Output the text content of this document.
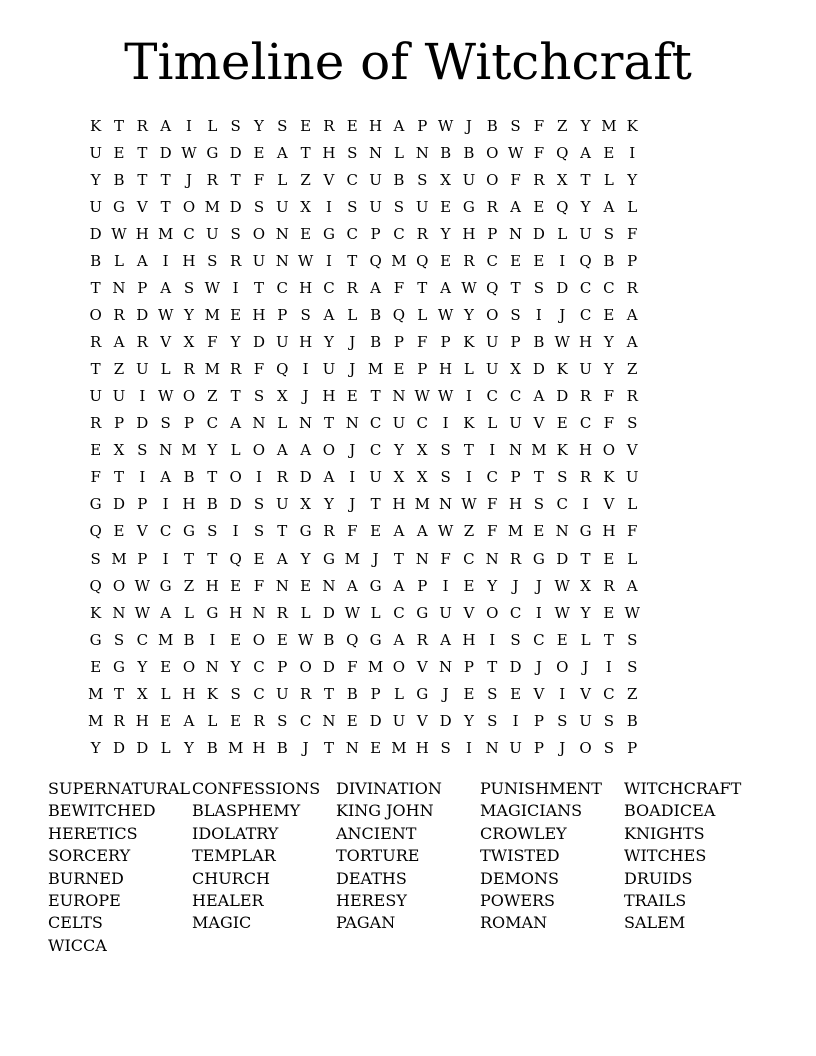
Timeline of Witchcraft
K T R A I	L S Y S E R E H A P W J B S F Z Y M K
U E T D W G D E A T H S N L N B B O W F Q A E I
Y B T T	J R T F L Z V C U B S X U O F R X T L Y
U G V T O M D S U X	I	S U S U E G R A E Q Y A L
D W H M C U S O N E G C P C R Y H P N D L U S F
B L A I H S R U N W I	T Q M Q E R C E E I Q B P
T N P A S W I	T C H C R A F T A W Q T S D C C R
O R D W Y M E H P S A L B Q L W Y O S	I	J C E A
R A R V X F Y D U H Y	J B P F P K U P B W H Y A
T Z U L R M R F Q I U J M E P H L U X D K U Y Z
U U I W O Z T S X J H E T N W W I C C A D R F R
R P D S P C A N L N T N C U C I K L U V E C F S
E X S N M Y L O A A O J C Y X S T	I N M K H O V
F T	I A B T O I R D A I U X X S	I C P T S R K U
G D P	I H B D S U X Y	J	T H M N W F H S C I V L
Q E V C G S	I	S T G R F E A A W Z F M E N G H F
S M P	I	T T Q E A Y G M J	T N F C N R G D T E L
Q O W G Z H E F N E N A G A P	I E Y	J	J W X R A
K N W A L G H N R L D W L C G U V O C I W Y E W
G S C M B I E O E W B Q G A R A H I	S C E L T S
E G Y E O N Y C P O D F M O V N P T D J O J	I	S
M T X L H K S C U R T B P L G J E S E V I V C Z
M R H E A L E R S C N E D U V D Y S	I	P S U S B
Y D D L Y B M H B J	T N E M H S	I N U P	J O S P
SUPERNATURAL CONFESSIONS DIVINATION	PUNISHMENT	WITCHCRAFT
BEWITCHED	BLASPHEMY	KING JOHN	MAGICIANS	BOADICEA
HERETICS	IDOLATRY	ANCIENT	CROWLEY	KNIGHTS
SORCERY	TEMPLAR	TORTURE	TWISTED	WITCHES
BURNED	CHURCH	DEATHS	DEMONS	DRUIDS
EUROPE	HEALER	HERESY	POWERS	TRAILS
CELTS	MAGIC	PAGAN	ROMAN	SALEM
WICCA
